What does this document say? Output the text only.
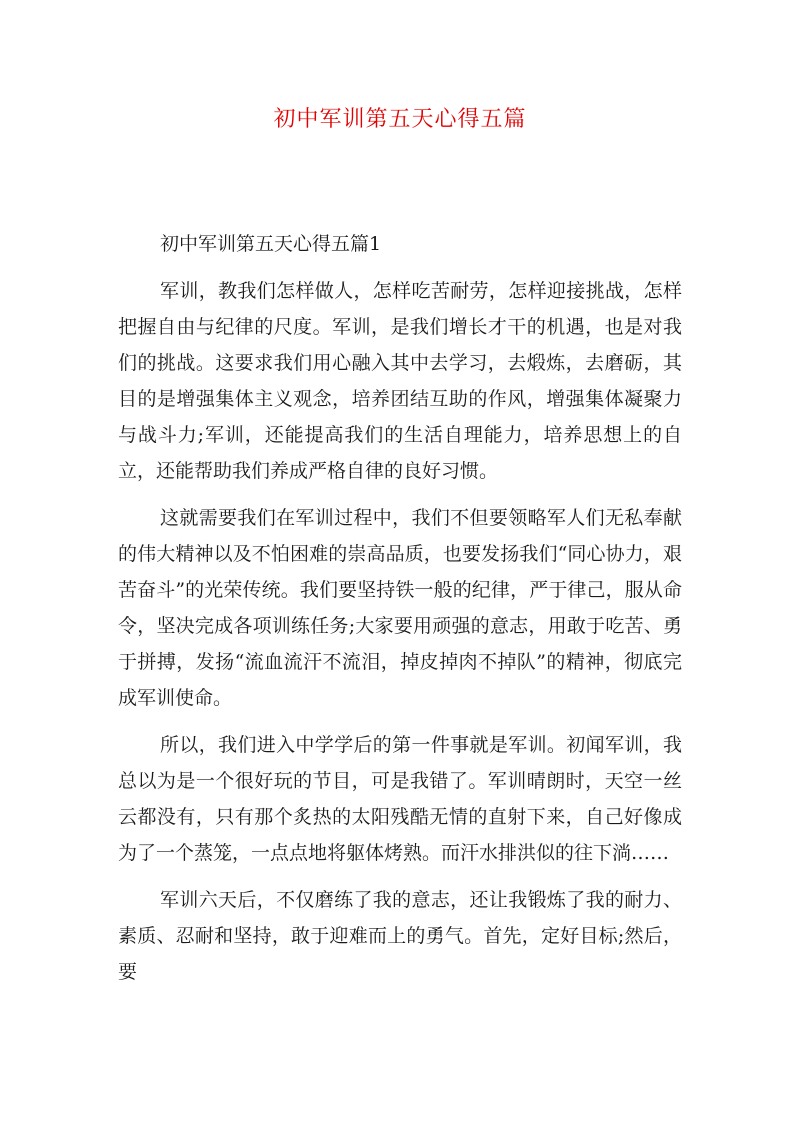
初中军训第五天心得五篇

初中军训第五天心得五篇1

军训，教我们怎样做人，怎样吃苦耐劳，怎样迎接挑战，怎样把握自由与纪律的尺度。军训，是我们增长才干的机遇，也是对我们的挑战。这要求我们用心融入其中去学习，去煅炼，去磨砺，其目的是增强集体主义观念，培养团结互助的作风，增强集体凝聚力与战斗力;军训，还能提高我们的生活自理能力，培养思想上的自立，还能帮助我们养成严格自律的良好习惯。

这就需要我们在军训过程中，我们不但要领略军人们无私奉献的伟大精神以及不怕困难的崇高品质，也要发扬我们“同心协力，艰苦奋斗”的光荣传统。我们要坚持铁一般的纪律，严于律己，服从命令，坚决完成各项训练任务;大家要用顽强的意志，用敢于吃苦、勇于拼搏，发扬“流血流汗不流泪，掉皮掉肉不掉队”的精神，彻底完成军训使命。

所以，我们进入中学学后的第一件事就是军训。初闻军训，我总以为是一个很好玩的节目，可是我错了。军训晴朗时，天空一丝云都没有，只有那个炙热的太阳残酷无情的直射下来，自己好像成为了一个蒸笼，一点点地将躯体烤熟。而汗水排洪似的往下淌……

军训六天后，不仅磨练了我的意志，还让我锻炼了我的耐力、素质、忍耐和坚持，敢于迎难而上的勇气。首先，定好目标;然后，要
